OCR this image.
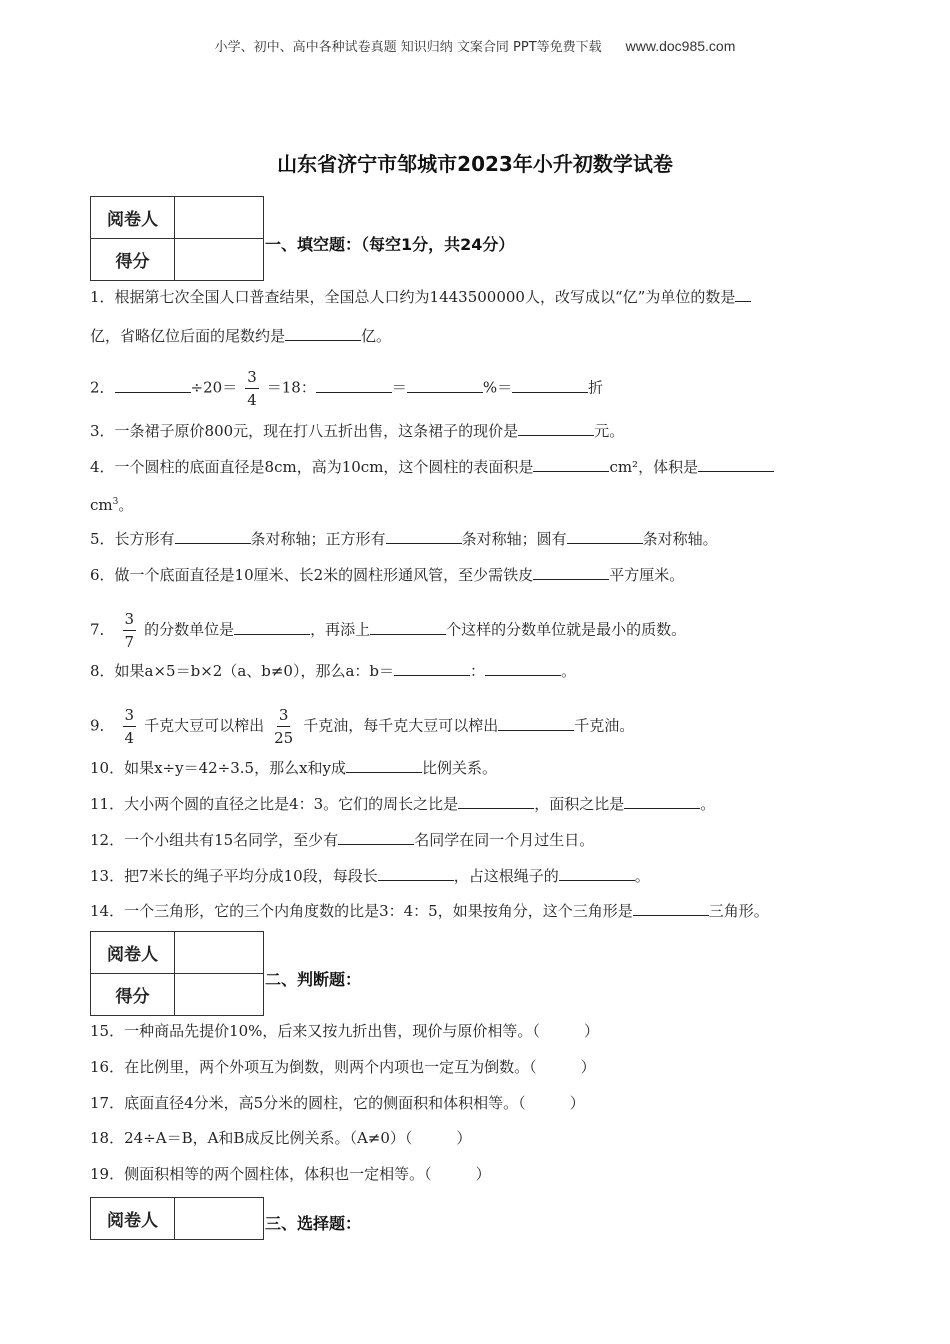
小学、初中、高中各种试卷真题 知识归纳 文案合同 PPT等免费下载 www.doc985.com
山东省济宁市邹城市2023年小升初数学试卷
阅卷人	
得分	
一、填空题：（每空1分，共24分）
1．根据第七次全国人口普查结果，全国总人口约为1443500000人，改写成以“亿”为单位的数是
亿，省略亿位后面的尾数约是	亿。
2．	$\div 20= \frac{3}{4} =18$：	＝	%＝	折
3．一条裙子原价800元，现在打八五折出售，这条裙子的现价是	元。
4．一个圆柱的底面直径是8cm，高为10cm，这个圆柱的表面积是	cm²，体积是
$cm^3$。
5．长方形有	条对称轴；正方形有	条对称轴；圆有	条对称轴。
6．做一个底面直径是10厘米、长2米的圆柱形通风管，至少需铁皮	平方厘米。
7． $\frac{3}{7}$ 的分数单位是	，再添上	个这样的分数单位就是最小的质数。
8．如果a×5＝b×2（a、b≠0），那么a：b＝	：	。
9． $\frac{3}{4}$ 千克大豆可以榨出 $\frac{3}{25}$ 千克油，每千克大豆可以榨出	千克油。
10．如果x÷y＝42÷3.5，那么x和y成	比例关系。
11．大小两个圆的直径之比是4：3。它们的周长之比是	，面积之比是	。
12．一个小组共有15名同学，至少有	名同学在同一个月过生日。
13．把7米长的绳子平均分成10段，每段长	，占这根绳子的	。
14．一个三角形，它的三个内角度数的比是3：4：5，如果按角分，这个三角形是	三角形。
阅卷人	
得分	
二、判断题：
15．一种商品先提价10%，后来又按九折出售，现价与原价相等。（	）
16．在比例里，两个外项互为倒数，则两个内项也一定互为倒数。（	）
17．底面直径4分米，高5分米的圆柱，它的侧面积和体积相等。（	）
18．24÷A＝B，A和B成反比例关系。（A≠0）（	）
19．侧面积相等的两个圆柱体，体积也一定相等。（	）
阅卷人		三、选择题：
